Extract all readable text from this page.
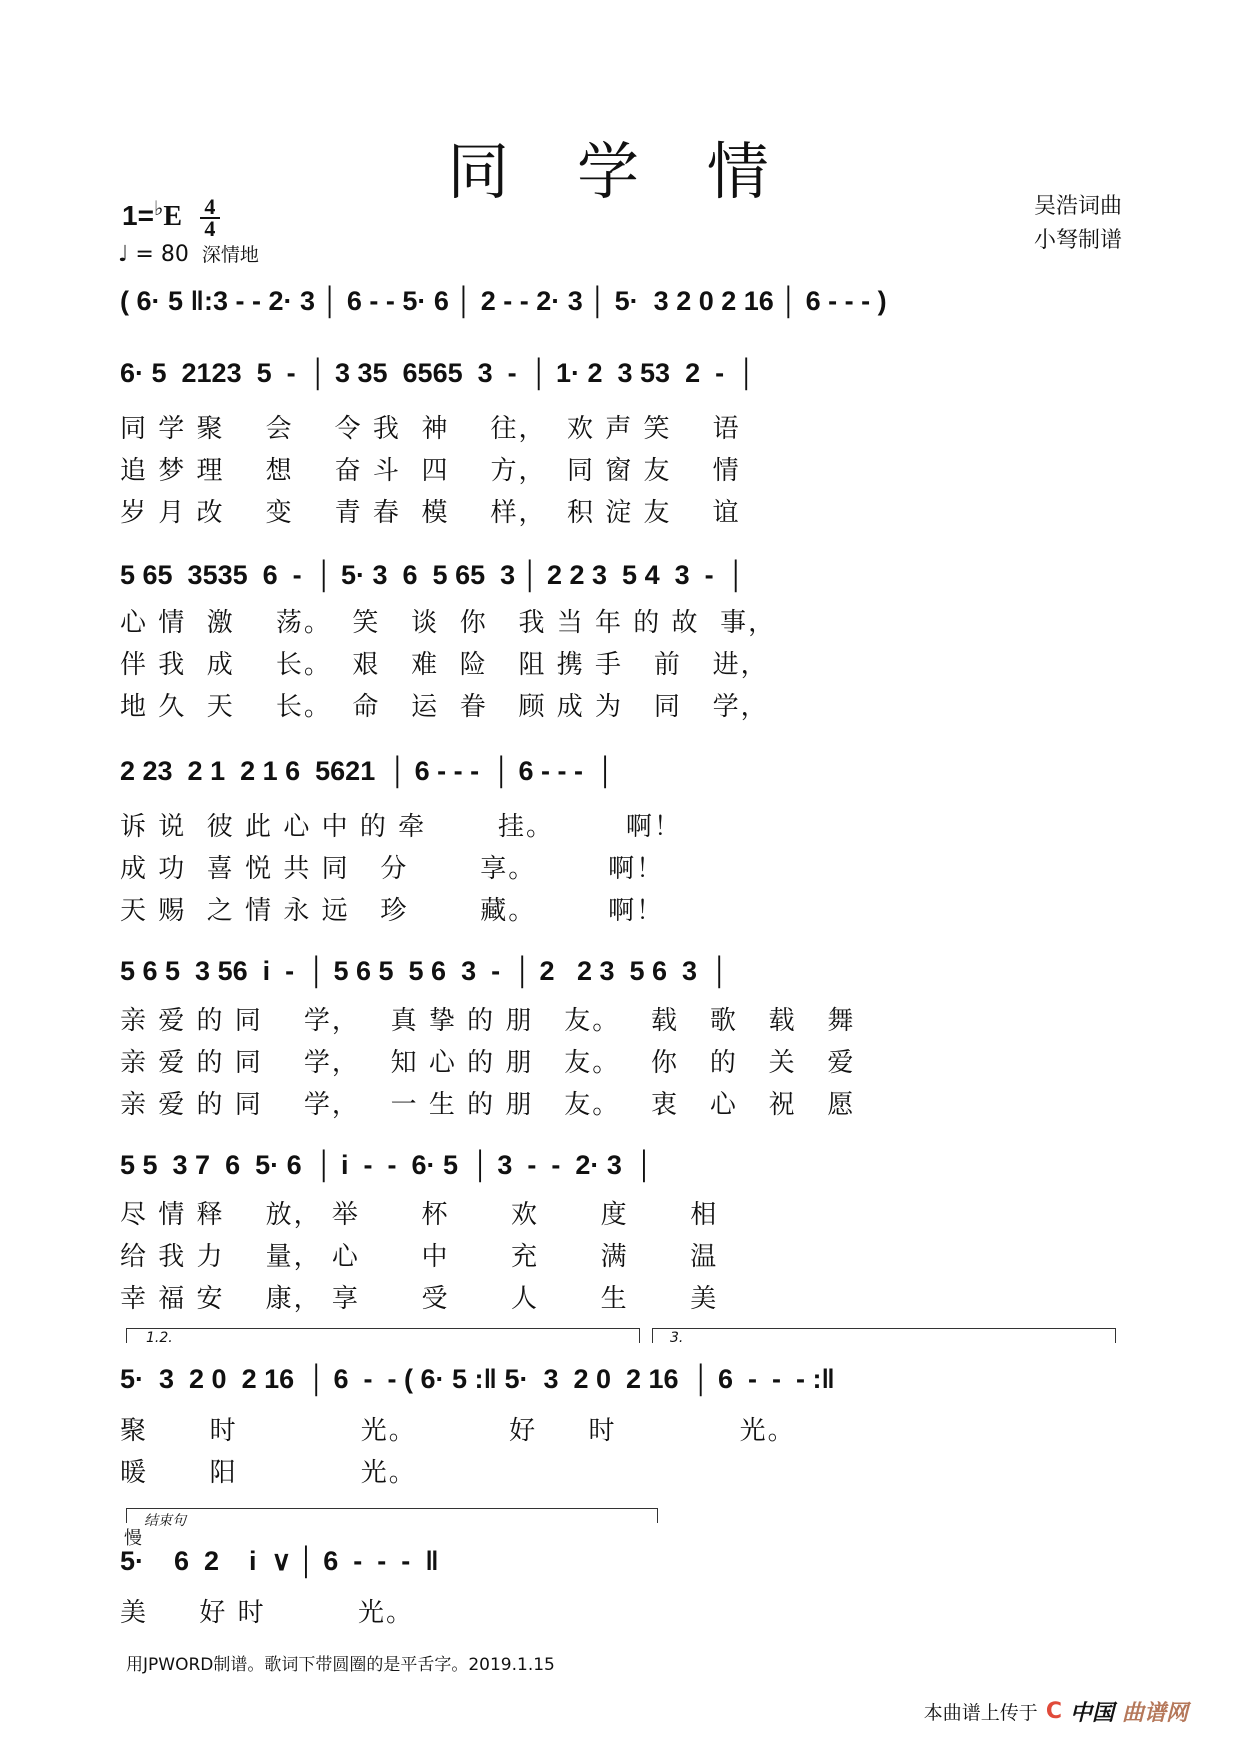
同 学 情
$1=^♭E \frac{4}{4}$
♩ = 80 深情地
吴浩词曲
小弩制谱
( 6· 5 ‖:3 - - 2· 3 │ 6 - - 5· 6 │ 2 - - 2· 3 │ 5·  3 2 0 2 16 │ 6 - - - )
6· 5  2123  5  -  │ 3 35  6565  3  -  │ 1· 2  3 53  2  -  │
同 学 聚    会    令 我  神    往，  欢 声 笑    语
追 梦 理    想    奋 斗  四    方，  同 窗 友    情
岁 月 改    变    青 春  模    样，  积 淀 友    谊
5 65  3535  6  -  │ 5· 3  6  5 65  3 │ 2 2 3  5 4  3  -  │
心 情  激    荡。  笑   谈  你   我 当 年 的 故  事，
伴 我  成    长。  艰   难  险   阻 携 手   前   进，
地 久  天    长。  命   运  眷   顾 成 为   同   学，
2 23  2 1  2 1 6  5621  │ 6 - - -  │ 6 - - -  │
诉 说  彼 此 心 中 的 牵       挂。       啊！
成 功  喜 悦 共 同   分       享。       啊！
天 赐  之 情 永 远   珍       藏。       啊！
5 6 5  3 56  i  -  │ 5 6 5  5 6  3  -  │ 2   2 3  5 6  3  │
亲 爱 的 同    学，   真 挚 的 朋   友。   载   歌   载   舞
亲 爱 的 同    学，   知 心 的 朋   友。   你   的   关   爱
亲 爱 的 同    学，   一 生 的 朋   友。   衷   心   祝   愿
5 5  3 7  6  5· 6  │ i  -  -  6· 5  │ 3  -  -  2· 3  │
尽 情 释    放， 举      杯      欢      度      相
给 我 力    量， 心      中      充      满      温
幸 福 安    康， 享      受      人      生      美
1.2.	3.
5·  3  2 0  2 16  │ 6  -  - ( 6· 5 :‖ 5·  3  2 0  2 16  │ 6  -  -  - :‖
聚      时            光。         好     时            光。
暖      阳            光。
结束句
慢
5·    6  2    i  ∨ │ 6  -  -  -  ‖
美     好 时         光。
用JPWORD制谱。歌词下带圆圈的是平舌字。2019.1.15
本曲谱上传于 C 中国 曲谱网
